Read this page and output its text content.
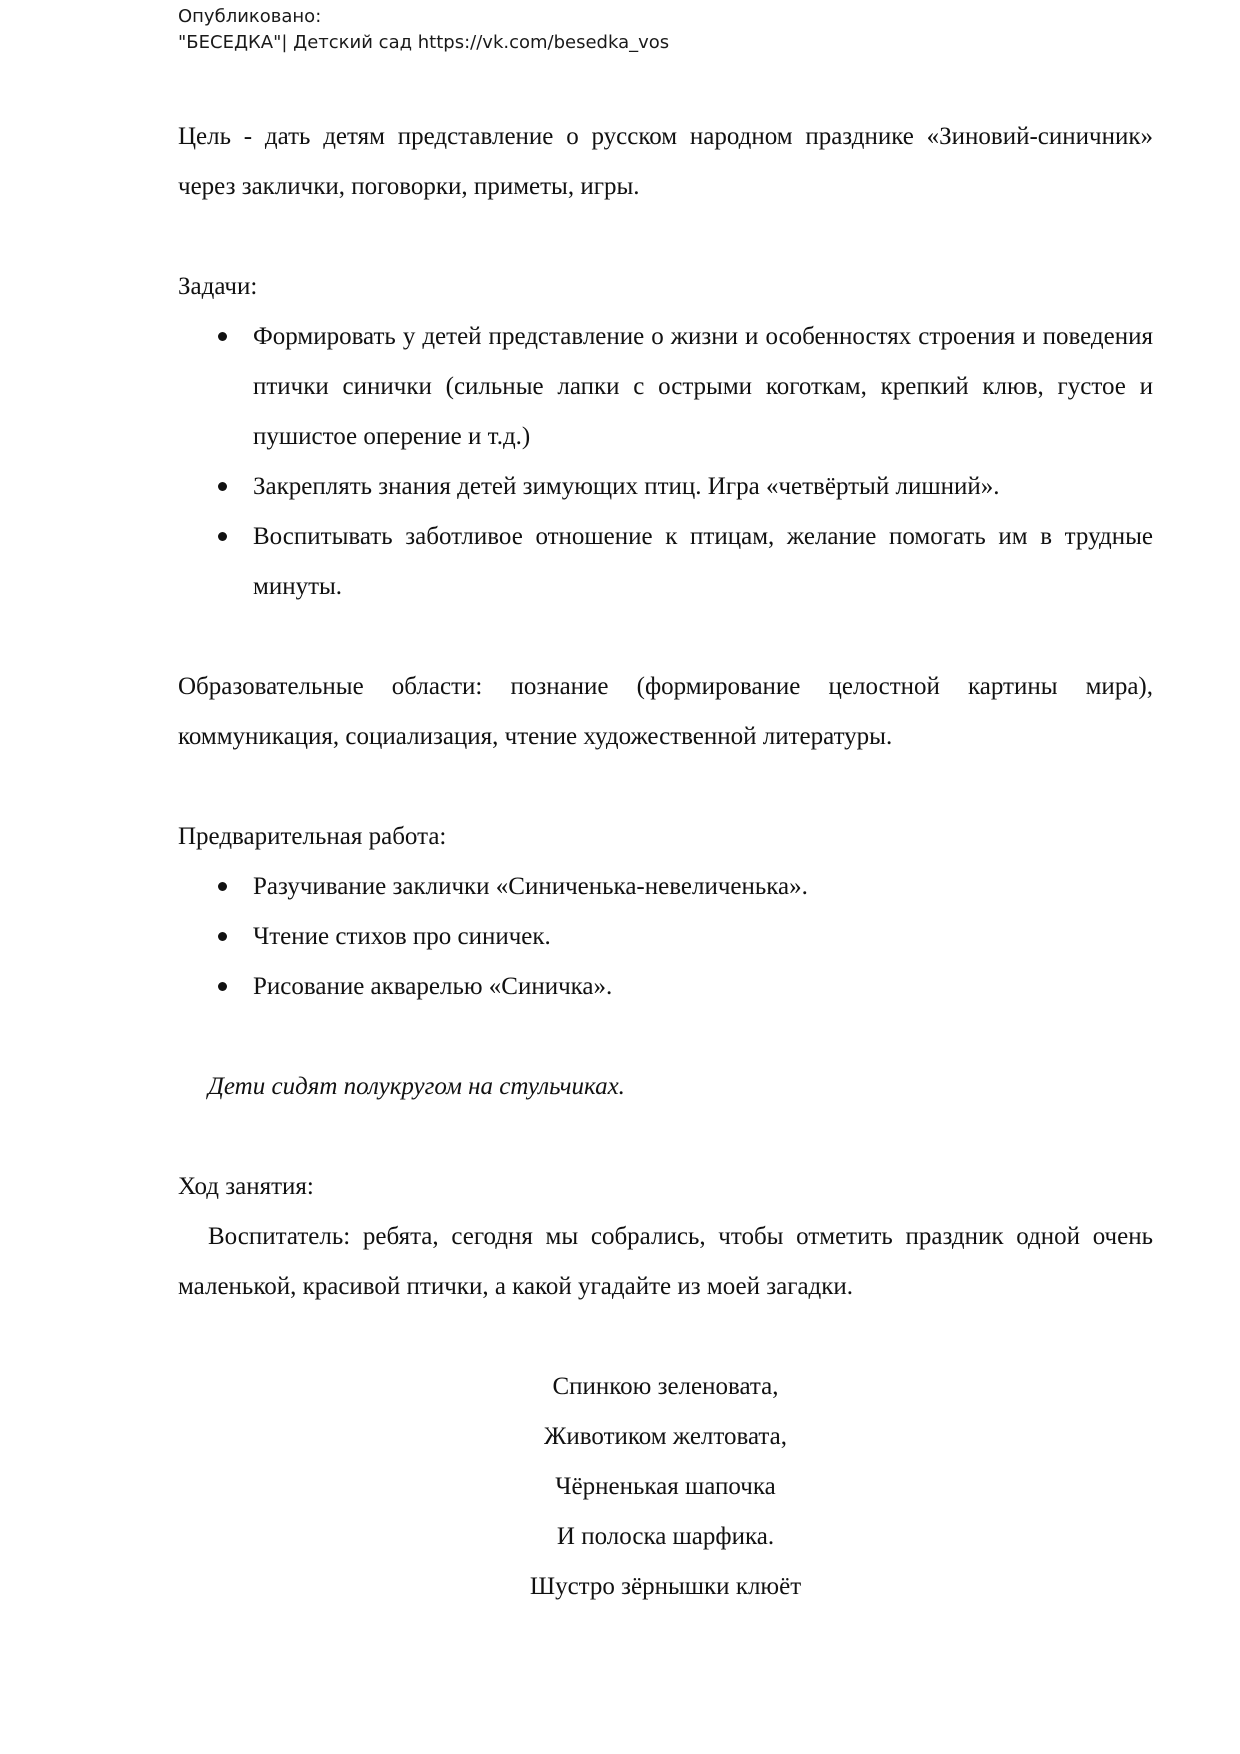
Опубликовано:
"БЕСЕДКА"| Детский сад https://vk.com/besedka_vos

Цель - дать детям представление о русском народном празднике «Зиновий-синичник» через заклички, поговорки, приметы, игры.

Задачи:
Формировать у детей представление о жизни и особенностях строения и поведения птички синички (сильные лапки с острыми коготкам, крепкий клюв, густое и пушистое оперение и т.д.)
Закреплять знания детей зимующих птиц. Игра «четвёртый лишний».
Воспитывать заботливое отношение к птицам, желание помогать им в трудные минуты.

Образовательные области: познание (формирование целостной картины мира), коммуникация, социализация, чтение художественной литературы.

Предварительная работа:
Разучивание заклички «Синиченька-невеличенька».
Чтение стихов про синичек.
Рисование акварелью «Синичка».
Дети сидят полукругом на стульчиках.
Ход занятия:

Воспитатель: ребята, сегодня мы собрались, чтобы отметить праздник одной очень маленькой, красивой птички, а какой угадайте из моей загадки.

Спинкою зеленовата,
Животиком желтовата,
Чёрненькая шапочка
И полоска шарфика.
Шустро зёрнышки клюёт
